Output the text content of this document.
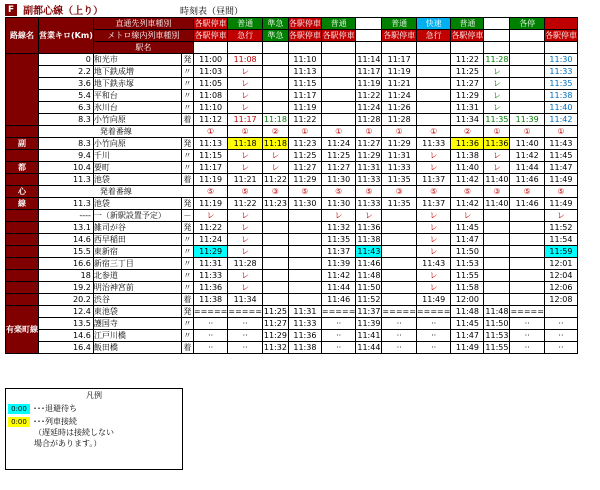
F 副都心線（上り）	時刻表（昼間）
路線名	営業キロ(Km)	直通先列車種別		各駅停車	普通	準急	各駅停車	普通		普通	快速	普通		各停	
		メトロ線内列車種別		各駅停車	急行	準急	各駅停車	各駅停車		各駅停車	急行	各駅停車			各駅停車
		駅名													
	0	和光市	発	11:00	11:08		11:10		11:14	11:17		11:22	11:28		11:30
	2.2	地下鉄成増	〃	11:03	レ		11:13		11:17	11:19		11:25	レ		11:33
	3.6	地下鉄赤塚	〃	11:05	レ		11:15		11:19	11:21		11:27	レ		11:35
	5.4	平和台	〃	11:08	レ		11:17		11:22	11:24		11:29	レ		11:38
	6.3	氷川台	〃	11:10	レ		11:19		11:24	11:26		11:31	レ		11:40
	8.3	小竹向原	着	11:12	11:17	11:18	11:22		11:28	11:28		11:34	11:35	11:39	11:42
	発着番線			①	①	②	①	①	①	①	①	②	①	①	①
副	8.3	小竹向原	発	11:13	11:18	11:18	11:23	11:24	11:27	11:29	11:33	11:36	11:36	11:40	11:43
	9.4	千川	〃	11:15	レ	レ	11:25	11:25	11:29	11:31	レ	11:38	レ	11:42	11:45
都	10.4	要町	〃	11:17	レ	レ	11:27	11:27	11:31	11:33	レ	11:40	レ	11:44	11:47
	11.3	池袋	着	11:19	11:21	11:22	11:29	11:30	11:33	11:35	11:37	11:42	11:40	11:46	11:49
心	発着番線			⑤	⑤	③	⑤	⑤	⑤	③	⑤	⑤	③	⑤	⑤
線	11.3	池袋	発	11:19	11:22	11:23	11:30	11:30	11:33	11:35	11:37	11:42	11:40	11:46	11:49
	----	一（新駅設置予定）	－	レ	レ			レ	レ		レ	レ			レ
	13.1	雑司が谷	発	11:22	レ			11:32	11:36		レ	11:45			11:52
	14.6	西早稲田	〃	11:24	レ			11:35	11:38		レ	11:47			11:54
	15.5	東新宿	〃	11:29	レ			11:37	11:43		レ	11:50			11:59
	16.6	新宿三丁目	〃	11:31	11:28			11:39	11:46		11:43	11:53			12:01
	18	北参道	〃	11:33	レ			11:42	11:48		レ	11:55			12:04
	19.2	明治神宮前	〃	11:36	レ			11:44	11:50		レ	11:58			12:06
	20.2	渋谷	着	11:38	11:34			11:46	11:52		11:49	12:00			12:08
有楽町線	12.4	東池袋	発	=====	=====	11:25	11:31	=====	11:37	=====	=====	11:48	11:48	=====	
	13.5	護国寺	〃	··	··	11:27	11:33	··	11:39	··	··	11:45	11:50	··	··
	14.6	江戸川橋	〃	··	··	11:29	11:36	··	11:41	··	··	11:47	11:53	··	··
	16.4	飯田橋	着	··	··	11:32	11:38	··	11:44	··	··	11:49	11:55	··	··
凡例
0:00 ･･･退避待ち
0:00 ･･･列車接続
（遅延時は接続しない
場合があります。）
